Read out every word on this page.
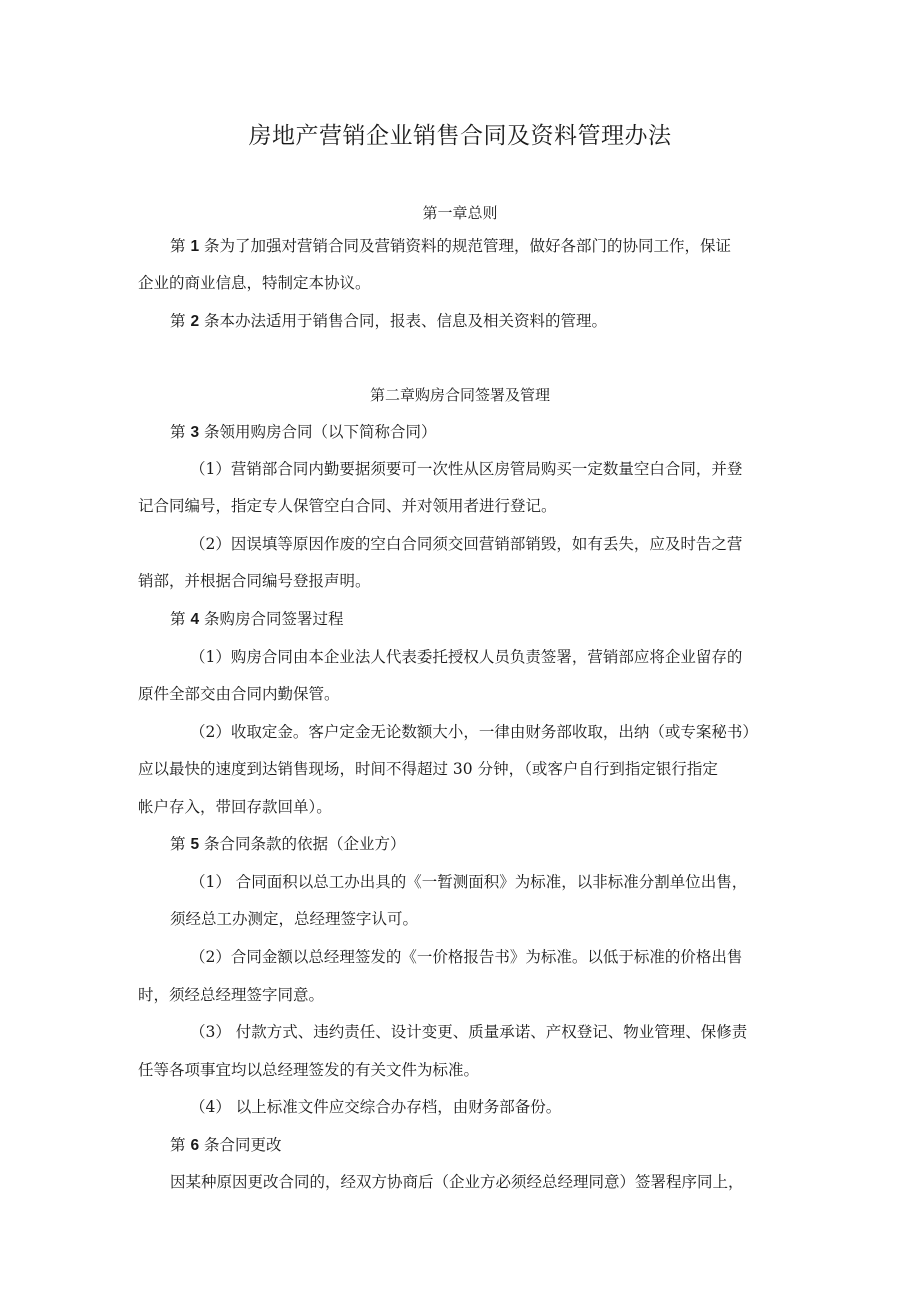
房地产营销企业销售合同及资料管理办法
第一章总则

第 1 条为了加强对营销合同及营销资料的规范管理，做好各部门的协同工作，保证

企业的商业信息，特制定本协议。

第 2 条本办法适用于销售合同，报表、信息及相关资料的管理。

第二章购房合同签署及管理

第 3 条领用购房合同（以下简称合同）

（1）营销部合同内勤要据须要可一次性从区房管局购买一定数量空白合同，并登

记合同编号，指定专人保管空白合同、并对领用者进行登记。

（2）因误填等原因作废的空白合同须交回营销部销毁，如有丢失，应及时告之营

销部，并根据合同编号登报声明。

第 4 条购房合同签署过程

（1）购房合同由本企业法人代表委托授权人员负责签署，营销部应将企业留存的

原件全部交由合同内勤保管。

（2）收取定金。客户定金无论数额大小，一律由财务部收取，出纳（或专案秘书）

应以最快的速度到达销售现场，时间不得超过 30 分钟，（或客户自行到指定银行指定

帐户存入，带回存款回单）。

第 5 条合同条款的依据（企业方）

（1） 合同面积以总工办出具的《一暂测面积》为标准，以非标准分割单位出售，

须经总工办测定，总经理签字认可。

（2）合同金额以总经理签发的《一价格报告书》为标准。以低于标准的价格出售

时，须经总经理签字同意。

（3） 付款方式、违约责任、设计变更、质量承诺、产权登记、物业管理、保修责

任等各项事宜均以总经理签发的有关文件为标准。

（4） 以上标准文件应交综合办存档，由财务部备份。

第 6 条合同更改

因某种原因更改合同的，经双方协商后（企业方必须经总经理同意）签署程序同上，
